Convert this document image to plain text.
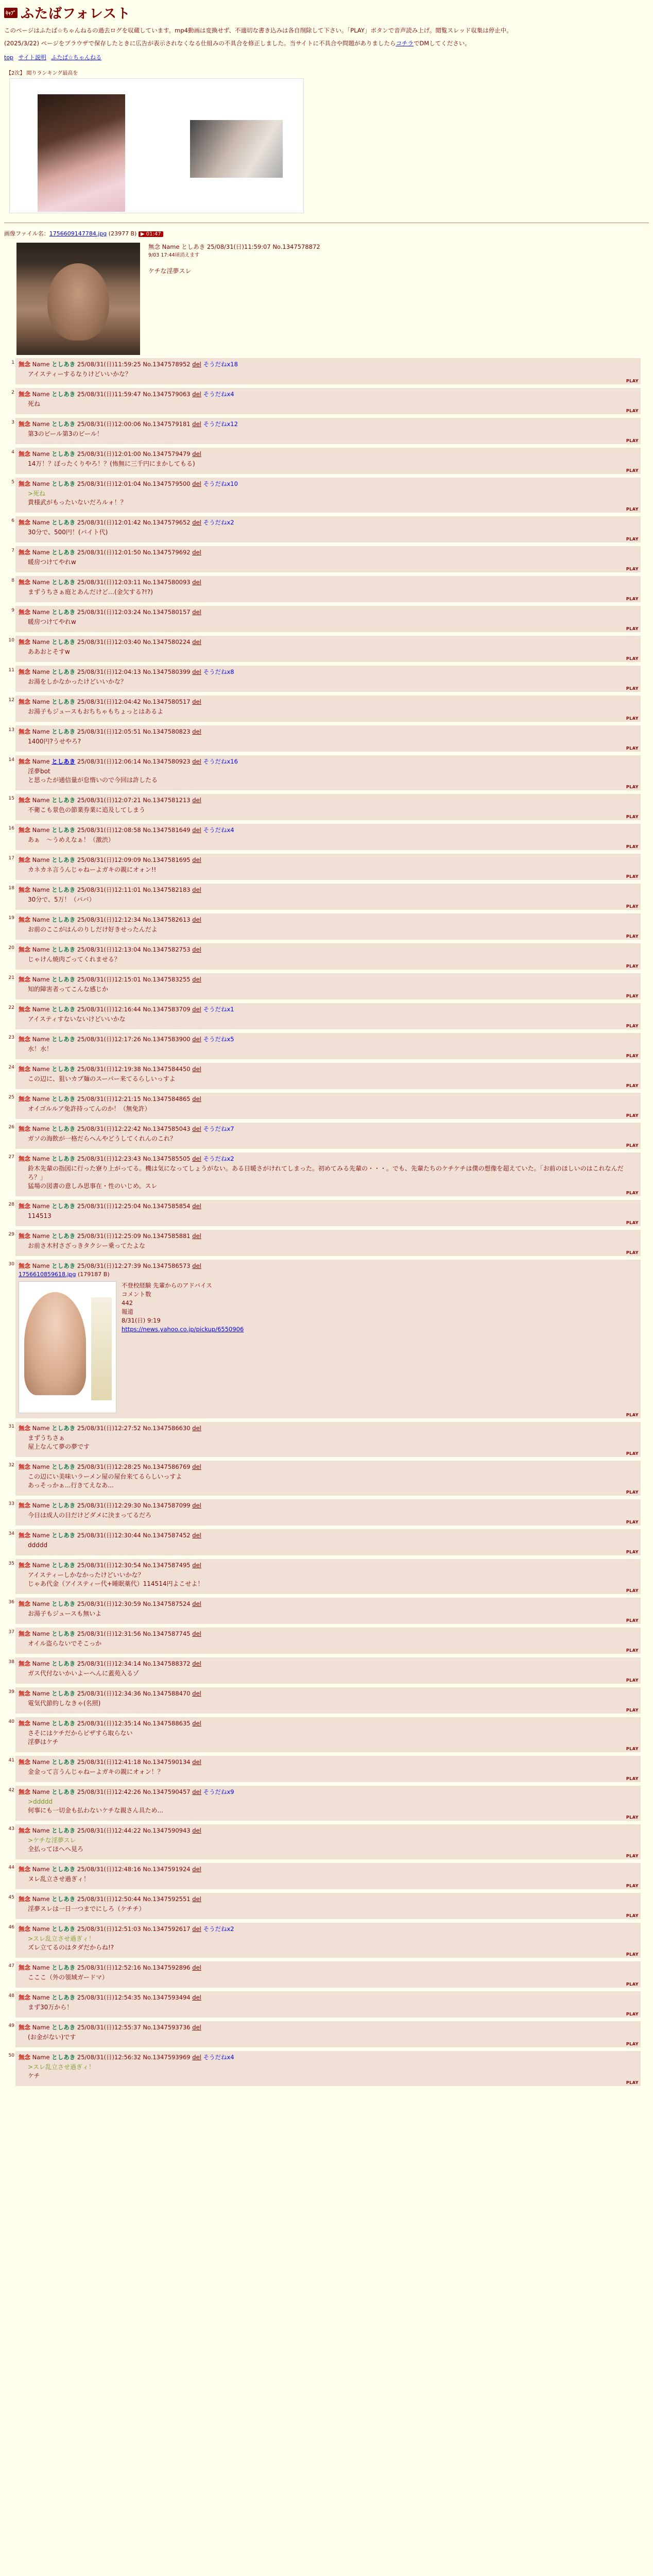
ｷｬﾌﾟ ふたばフォレスト
このページはふたば☆ちゃんねるの過去ログを収蔵しています。mp4動画は変換せず、不適切な書き込みは各自削除して下さい。「PLAY」ボタンで音声読み上げ。閲覧スレッド収集は停止中。
(2025/3/22) ページをブラウザで保存したときに広告が表示されなくなる仕組みの不具合を修正しました。当サイトに不具合や問題がありましたらコチラでDMしてください。
top サイト説明 ふたば☆ちゃんねる
【2次】 閲りランキング最高を
画像ファイル名：1756609147784.jpg (23977 B) ▶ 01:47
無念 Name としあき 25/08/31(日)11:59:07 No.1347578872
9/03 17:44頃消えます
ケチな淫夢スレ
1 無念 Name としあき 25/08/31(日)11:59:25 No.1347578952 del そうだねx18
アイスティーするなりけどいいかな？
PLAY
2 無念 Name としあき 25/08/31(日)11:59:47 No.1347579063 del そうだねx4
死ね
PLAY
3 無念 Name としあき 25/08/31(日)12:00:06 No.1347579181 del そうだねx12
第3のビール第3のビール！
PLAY
4 無念 Name としあき 25/08/31(日)12:01:00 No.1347579479 del
14万！？ぼったくりやろ！？(怖無に三千円にまかしてもる)
PLAY
5 無念 Name としあき 25/08/31(日)12:01:04 No.1347579500 del そうだねx10
>死ね
貴様武がもったいないだろルォ！？
PLAY
6 無念 Name としあき 25/08/31(日)12:01:42 No.1347579652 del そうだねx2
30分で、500円！(バイト代)
PLAY
7 無念 Name としあき 25/08/31(日)12:01:50 No.1347579692 del
暖房つけてやれw
PLAY
8 無念 Name としあき 25/08/31(日)12:03:11 No.1347580093 del
まずうちさぁ庭とあんだけど…(金欠する?!?)
PLAY
9 無念 Name としあき 25/08/31(日)12:03:24 No.1347580157 del
暖房つけてやれw
PLAY
10 無念 Name としあき 25/08/31(日)12:03:40 No.1347580224 del
ああおとそすw
PLAY
11 無念 Name としあき 25/08/31(日)12:04:13 No.1347580399 del そうだねx8
お湯をしかなかったけどいいかな？
PLAY
12 無念 Name としあき 25/08/31(日)12:04:42 No.1347580517 del
お湯子もジュースもおちちゃもちょっとはあるよ
PLAY
13 無念 Name としあき 25/08/31(日)12:05:51 No.1347580823 del
1400円?うせやろ?
PLAY
14 無念 Name としあき 25/08/31(日)12:06:14 No.1347580923 del そうだねx16
淫夢bot
と思ったが通信量が怠惰いので今回は許したる
PLAY
15 無念 Name としあき 25/08/31(日)12:07:21 No.1347581213 del
不衛こも景色の節業券業に追及してしまう
PLAY
16 無念 Name としあき 25/08/31(日)12:08:58 No.1347581649 del そうだねx4
あぁ　〜うめえなぁ！（激渋）
PLAY
17 無念 Name としあき 25/08/31(日)12:09:09 No.1347581695 del
カネカネ言うんじゃねーよガキの親にオォン!!
PLAY
18 無念 Name としあき 25/08/31(日)12:11:01 No.1347582183 del
30分で、5万！（ババ）
PLAY
19 無念 Name としあき 25/08/31(日)12:12:34 No.1347582613 del
お前のここがはんのりしだけ好きせったんだよ
PLAY
20 無念 Name としあき 25/08/31(日)12:13:04 No.1347582753 del
じゃけん焼肉ごってくれませる？
PLAY
21 無念 Name としあき 25/08/31(日)12:15:01 No.1347583255 del
知的障害者ってこんな感じか
PLAY
22 無念 Name としあき 25/08/31(日)12:16:44 No.1347583709 del そうだねx1
アイスティすないないけどいいかな
PLAY
23 無念 Name としあき 25/08/31(日)12:17:26 No.1347583900 del そうだねx5
水！水！
PLAY
24 無念 Name としあき 25/08/31(日)12:19:38 No.1347584450 del
この辺に、狙いカプ麺のスーパー来てるらしいっすよ
PLAY
25 無念 Name としあき 25/08/31(日)12:21:15 No.1347584865 del
オイゴルルア免許持ってんのか！（無免許）
PLAY
26 無念 Name としあき 25/08/31(日)12:22:42 No.1347585043 del そうだねx7
ガソの海飲が一格だらへんやどうしてくれんのこれ？
PLAY
27 無念 Name としあき 25/08/31(日)12:23:43 No.1347585505 del そうだねx2
鈴木先輩の指図に行った寮り上がってる。機は気になってしょうがない。ある日暖さがけれてしまった。初めてみる先輩の・・・。でも、先輩たちのケチケチは僕の想像を超えていた。「お前のほしいのはこれなんだろ？」
猛場の図書の意しみ思事在・性のいじめ。スレ
PLAY
28 無念 Name としあき 25/08/31(日)12:25:04 No.1347585854 del
114513
PLAY
29 無念 Name としあき 25/08/31(日)12:25:09 No.1347585881 del
お前さ木村さざっきタクシー乗ってたよな
PLAY
30 無念 Name としあき 25/08/31(日)12:27:39 No.1347586573 del
1756610859618.jpg (179187 B)
不登校経験 先輩からのアドバイス
コメント数
442
報道
8/31(日) 9:19
https://news.yahoo.co.jp/pickup/6550906
PLAY
31 無念 Name としあき 25/08/31(日)12:27:52 No.1347586630 del
まずうちさぁ
屋上なんて夢の夢です
PLAY
32 無念 Name としあき 25/08/31(日)12:28:25 No.1347586769 del
この辺にい美味いラーメン屋の屋台来てるらしいっすよ
あっそっかぁ...行きてえなあ...
PLAY
33 無念 Name としあき 25/08/31(日)12:29:30 No.1347587099 del
今日は成人の日だけどダメに決まってるだろ
PLAY
34 無念 Name としあき 25/08/31(日)12:30:44 No.1347587452 del
ddddd
PLAY
35 無念 Name としあき 25/08/31(日)12:30:54 No.1347587495 del
アイスティーしかなかったけどいいかな？
じゃあ代金（アイスティー代+睡眠薬代）114514円よこせよ！
PLAY
36 無念 Name としあき 25/08/31(日)12:30:59 No.1347587524 del
お湯子もジュースも無いよ
PLAY
37 無念 Name としあき 25/08/31(日)12:31:56 No.1347587745 del
オイル盗らないでそこっか
PLAY
38 無念 Name としあき 25/08/31(日)12:34:14 No.1347588372 del
ガス代付ないかいよーへんに蓋苑入るゾ
PLAY
39 無念 Name としあき 25/08/31(日)12:34:36 No.1347588470 del
電気代節約しなきゃ(名照)
PLAY
40 無念 Name としあき 25/08/31(日)12:35:14 No.1347588635 del
さそにはケチだからピザすら取らない
淫夢はケチ
PLAY
41 無念 Name としあき 25/08/31(日)12:41:18 No.1347590134 del
金金って言うんじゃねーよガキの親にオォン！？
PLAY
42 無念 Name としあき 25/08/31(日)12:42:26 No.1347590457 del そうだねx9
>ddddd
何事にも一切金も払わないケチな親さん具ため...
PLAY
43 無念 Name としあき 25/08/31(日)12:44:22 No.1347590943 del
>ケチな淫夢スレ
全払ってほへへ見ろ
PLAY
44 無念 Name としあき 25/08/31(日)12:48:16 No.1347591924 del
ヌレ乱立させ過ぎィ！
PLAY
45 無念 Name としあき 25/08/31(日)12:50:44 No.1347592551 del
淫夢スレは一日一つまでにしろ（ケチチ）
PLAY
46 無念 Name としあき 25/08/31(日)12:51:03 No.1347592617 del そうだねx2
>スレ乱立させ過ぎィ！
ズレ立てるのはタダだからね!?
PLAY
47 無念 Name としあき 25/08/31(日)12:52:16 No.1347592896 del
こここ（外の領域ガードマ）
PLAY
48 無念 Name としあき 25/08/31(日)12:54:35 No.1347593494 del
まず30万から！
PLAY
49 無念 Name としあき 25/08/31(日)12:55:37 No.1347593736 del
(お金がない)です
PLAY
50 無念 Name としあき 25/08/31(日)12:56:32 No.1347593969 del そうだねx4
>スレ乱立させ過ぎィ！
ケチ
PLAY
